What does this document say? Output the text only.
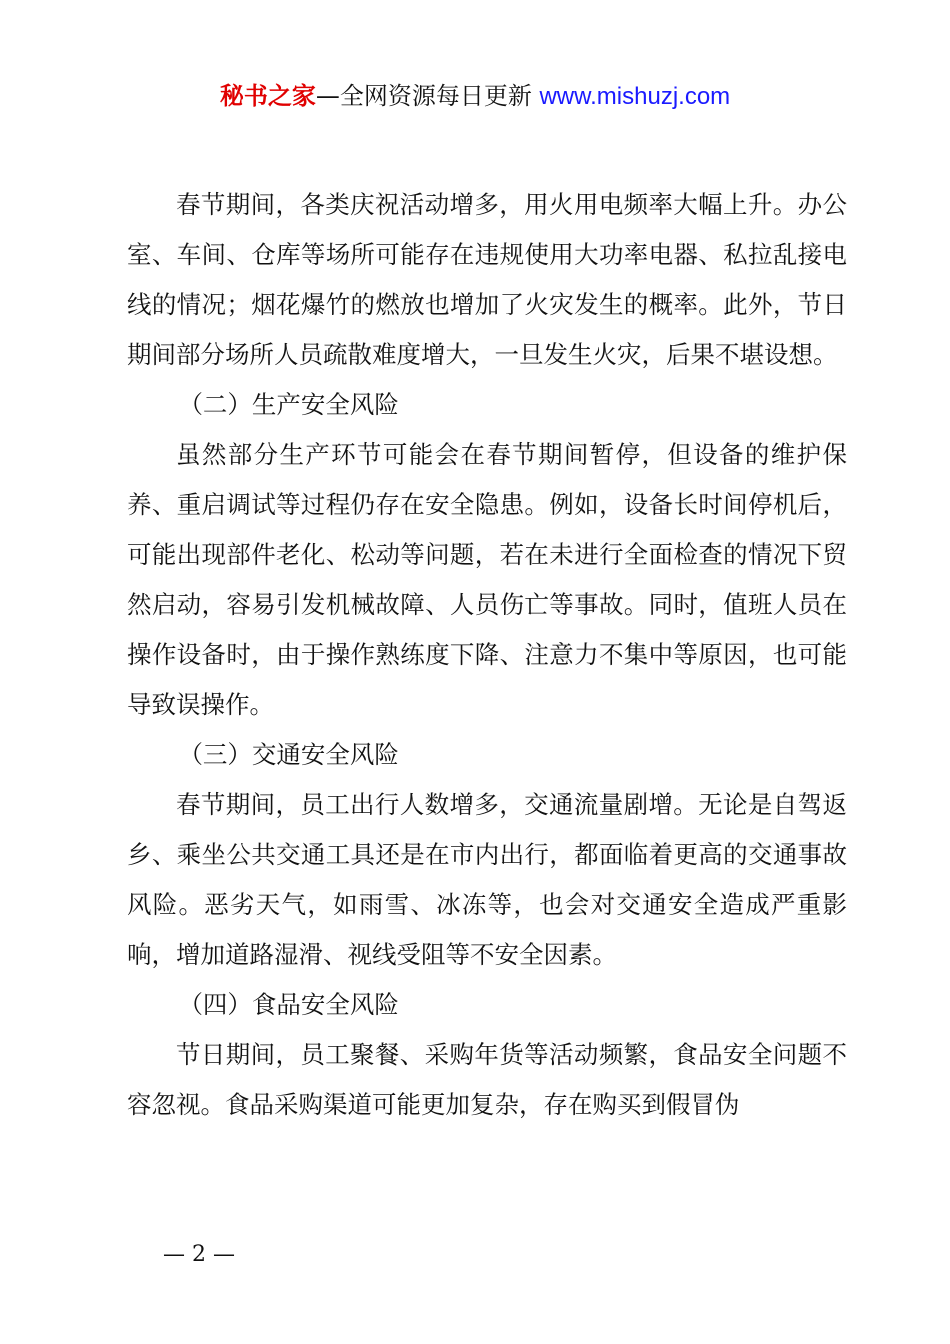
秘书之家—全网资源每日更新 www.mishuzj.com

春节期间，各类庆祝活动增多，用火用电频率大幅上升。办公室、车间、仓库等场所可能存在违规使用大功率电器、私拉乱接电线的情况；烟花爆竹的燃放也增加了火灾发生的概率。此外，节日期间部分场所人员疏散难度增大，一旦发生火灾，后果不堪设想。

（二）生产安全风险

虽然部分生产环节可能会在春节期间暂停，但设备的维护保养、重启调试等过程仍存在安全隐患。例如，设备长时间停机后，可能出现部件老化、松动等问题，若在未进行全面检查的情况下贸然启动，容易引发机械故障、人员伤亡等事故。同时，值班人员在操作设备时，由于操作熟练度下降、注意力不集中等原因，也可能导致误操作。

（三）交通安全风险

春节期间，员工出行人数增多，交通流量剧增。无论是自驾返乡、乘坐公共交通工具还是在市内出行，都面临着更高的交通事故风险。恶劣天气，如雨雪、冰冻等，也会对交通安全造成严重影响，增加道路湿滑、视线受阻等不安全因素。

（四）食品安全风险

节日期间，员工聚餐、采购年货等活动频繁，食品安全问题不容忽视。食品采购渠道可能更加复杂，存在购买到假冒伪

— 2 —
